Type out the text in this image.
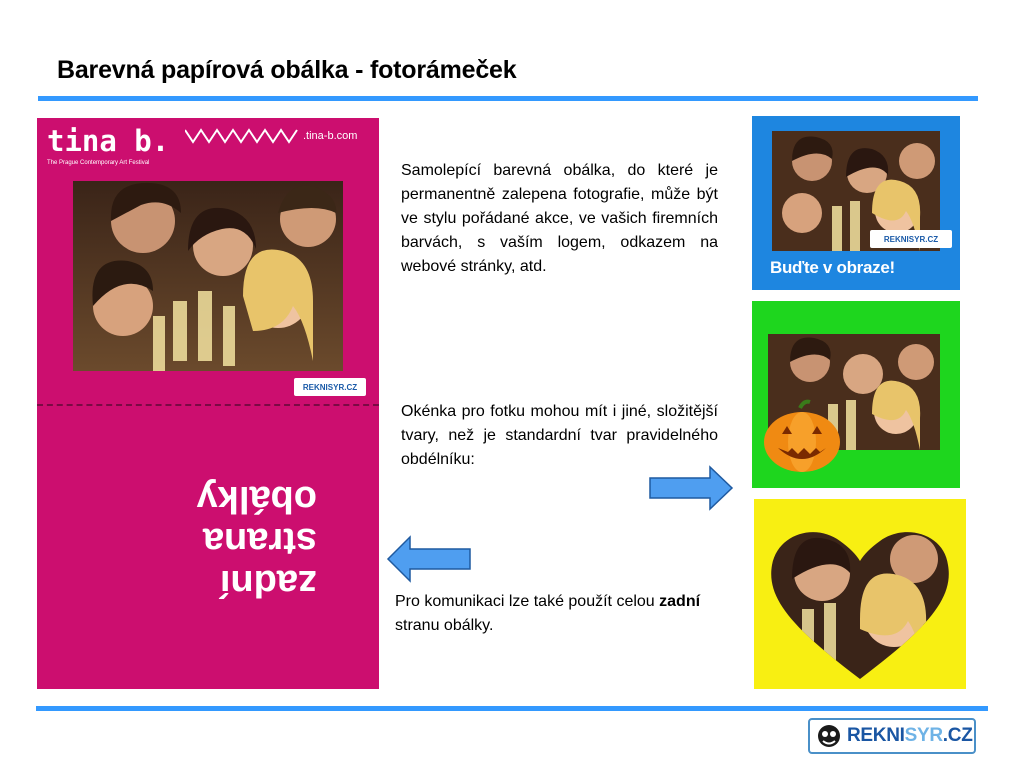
Barevná papírová obálka - fotorámeček
tina b.
The Prague Contemporary Art Festival
.tina-b.com
REKNISYR.CZ
zadní
strana
obálky
Samolepící barevná obálka, do které je permanentně zalepena fotografie, může být ve stylu pořádané akce, ve vašich firemních barvách, s vaším logem, odkazem na webové stránky, atd.
Okénka pro fotku mohou mít i jiné, složitější tvary, než je standardní tvar pravidelného obdélníku:
Pro komunikaci lze také použít celou zadní stranu obálky.
REKNISYR.CZ
Buďte v obraze!
REKNISYR.CZ
